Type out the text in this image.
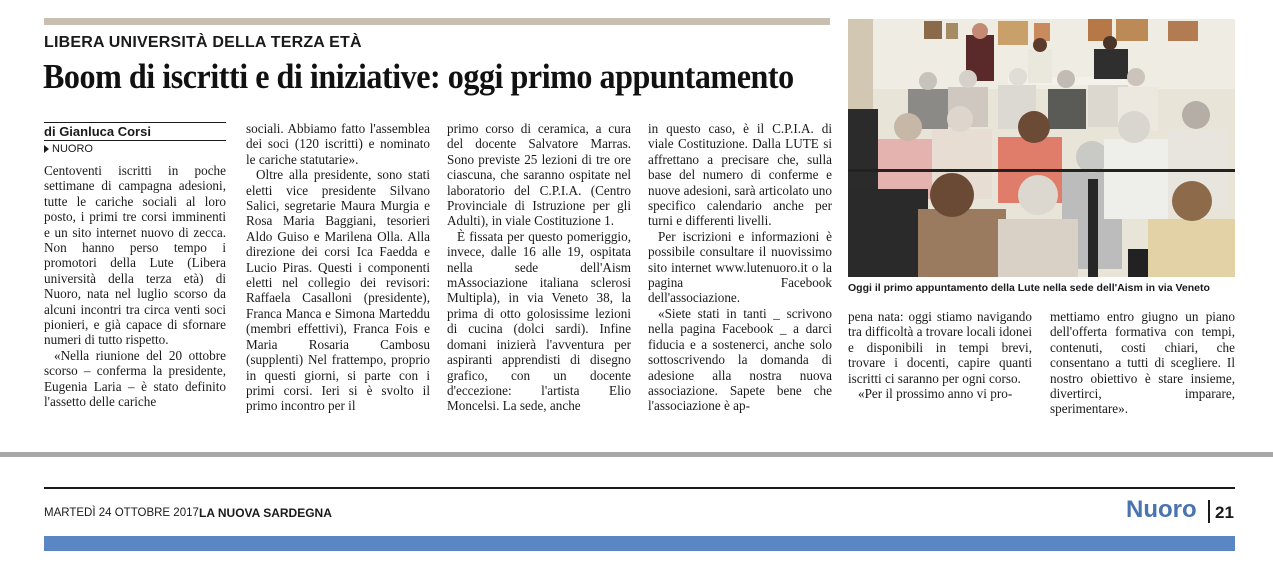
LIBERA UNIVERSITÀ DELLA TERZA ETÀ
Boom di iscritti e di iniziative: oggi primo appuntamento
di Gianluca Corsi
NUORO

Centoventi iscritti in poche settimane di campagna adesioni, tutte le cariche sociali al loro posto, i primi tre corsi imminenti e un sito internet nuovo di zecca. Non hanno perso tempo i promotori della Lute (Libera università della terza età) di Nuoro, nata nel luglio scorso da alcuni incontri tra circa venti soci pionieri, e già capace di sfornare numeri di tutto rispetto.

«Nella riunione del 20 ottobre scorso – conferma la presidente, Eugenia Laria – è stato definito l'assetto delle cariche

sociali. Abbiamo fatto l'assemblea dei soci (120 iscritti) e nominato le cariche statutarie».

Oltre alla presidente, sono stati eletti vice presidente Silvano Salici, segretarie Maura Murgia e Rosa Maria Baggiani, tesorieri Aldo Guiso e Marilena Olla. Alla direzione dei corsi Ica Faedda e Lucio Piras. Questi i componenti eletti nel collegio dei revisori: Raffaela Casalloni (presidente), Franca Manca e Simona Marteddu (membri effettivi), Franca Fois e Maria Rosaria Cambosu (supplenti) Nel frattempo, proprio in questi giorni, si parte con i primi corsi. Ieri si è svolto il primo incontro per il

primo corso di ceramica, a cura del docente Salvatore Marras. Sono previste 25 lezioni di tre ore ciascuna, che saranno ospitate nel laboratorio del C.P.I.A. (Centro Provinciale di Istruzione per gli Adulti), in viale Costituzione 1.

È fissata per questo pomeriggio, invece, dalle 16 alle 19, ospitata nella sede dell'Aism mAssociazione italiana sclerosi Multipla), in via Veneto 38, la prima di otto golosissime lezioni di cucina (dolci sardi). Infine domani inizierà l'avventura per aspiranti apprendisti di disegno grafico, con un docente d'eccezione: l'artista Elio Moncelsi. La sede, anche

in questo caso, è il C.P.I.A. di viale Costituzione. Dalla LUTE si affrettano a precisare che, sulla base del numero di conferme e nuove adesioni, sarà articolato uno specifico calendario anche per turni e differenti livelli.

Per iscrizioni e informazioni è possibile consultare il nuovissimo sito internet www.lutenuoro.it o la pagina Facebook dell'associazione.

«Siete stati in tanti _ scrivono nella pagina Facebook _ a darci fiducia e a sostenerci, anche solo sottoscrivendo la domanda di adesione alla nostra nuova associazione. Sapete bene che l'associazione è ap-

Oggi il primo appuntamento della Lute nella sede dell'Aism in via Veneto

pena nata: oggi stiamo navigando tra difficoltà a trovare locali idonei e disponibili in tempi brevi, trovare i docenti, capire quanti iscritti ci saranno per ogni corso.

«Per il prossimo anno vi pro-

mettiamo entro giugno un piano dell'offerta formativa con tempi, contenuti, costi chiari, che consentano a tutti di scegliere. Il nostro obiettivo è stare insieme, divertirci, imparare, sperimentare».

MARTEDÌ 24 OTTOBRE 2017 LA NUOVA SARDEGNA	Nuoro 21
